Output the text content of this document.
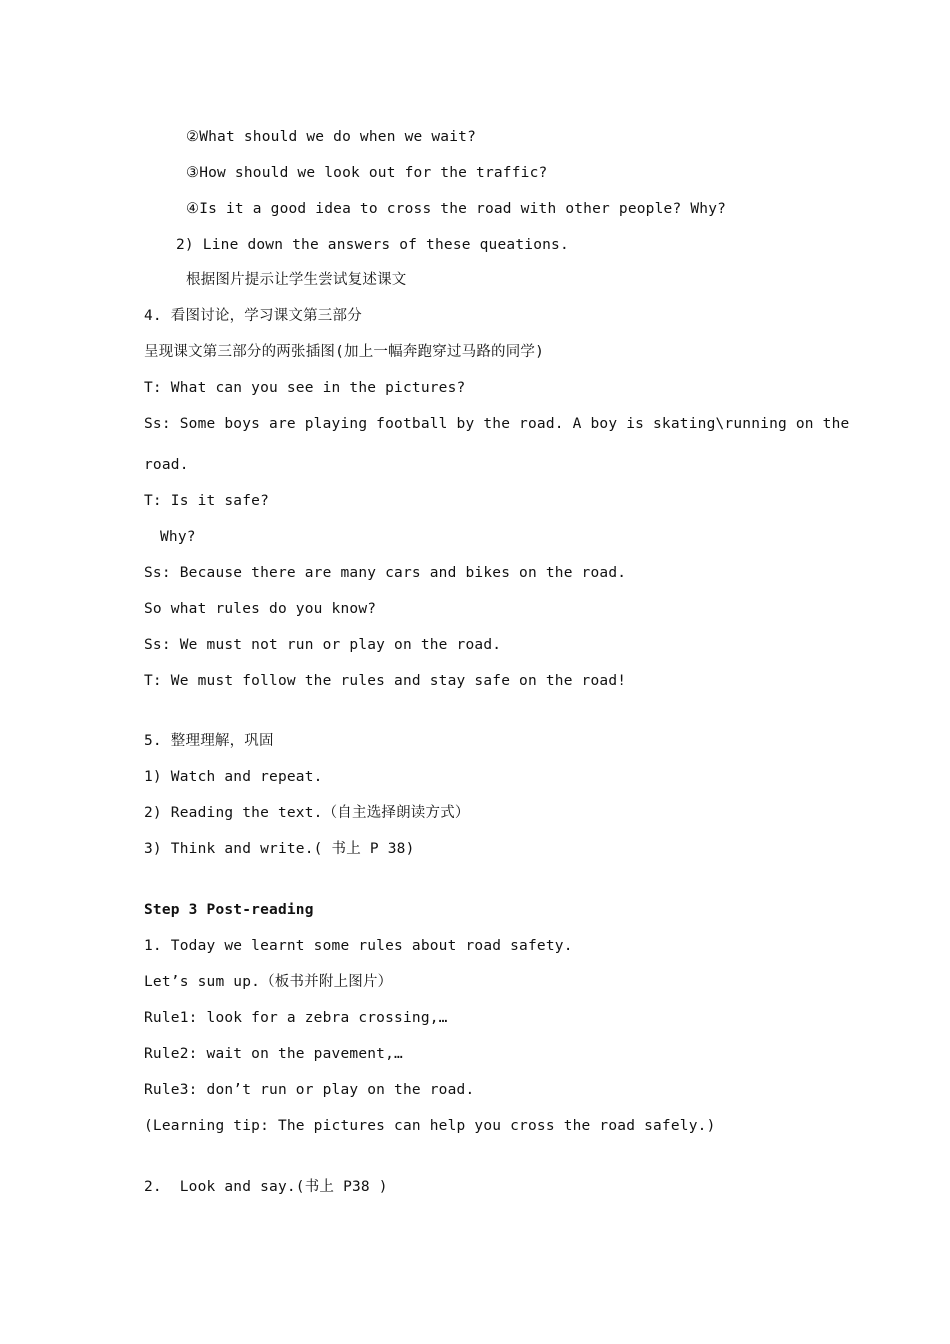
②What should we do when we wait?

③How should we look out for the traffic?

④Is it a good idea to cross the road with other people? Why?

2) Line down the answers of these queations.

根据图片提示让学生尝试复述课文

4. 看图讨论，学习课文第三部分

呈现课文第三部分的两张插图(加上一幅奔跑穿过马路的同学)

T: What can you see in the pictures?

Ss: Some boys are playing football by the road. A boy is skating\running on the

road.

T: Is it safe?

Why?

Ss: Because there are many cars and bikes on the road.

So what rules do you know?

Ss: We must not run or play on the road.

T: We must follow the rules and stay safe on the road!

5. 整理理解，巩固

1) Watch and repeat.

2) Reading the text.（自主选择朗读方式）

3) Think and write.( 书上 P 38)

Step 3 Post-reading

1. Today we learnt some rules about road safety.

Let’s sum up.（板书并附上图片）

Rule1: look for a zebra crossing,…

Rule2: wait on the pavement,…

Rule3: don’t run or play on the road.

(Learning tip: The pictures can help you cross the road safely.)

2.  Look and say.(书上 P38 )
